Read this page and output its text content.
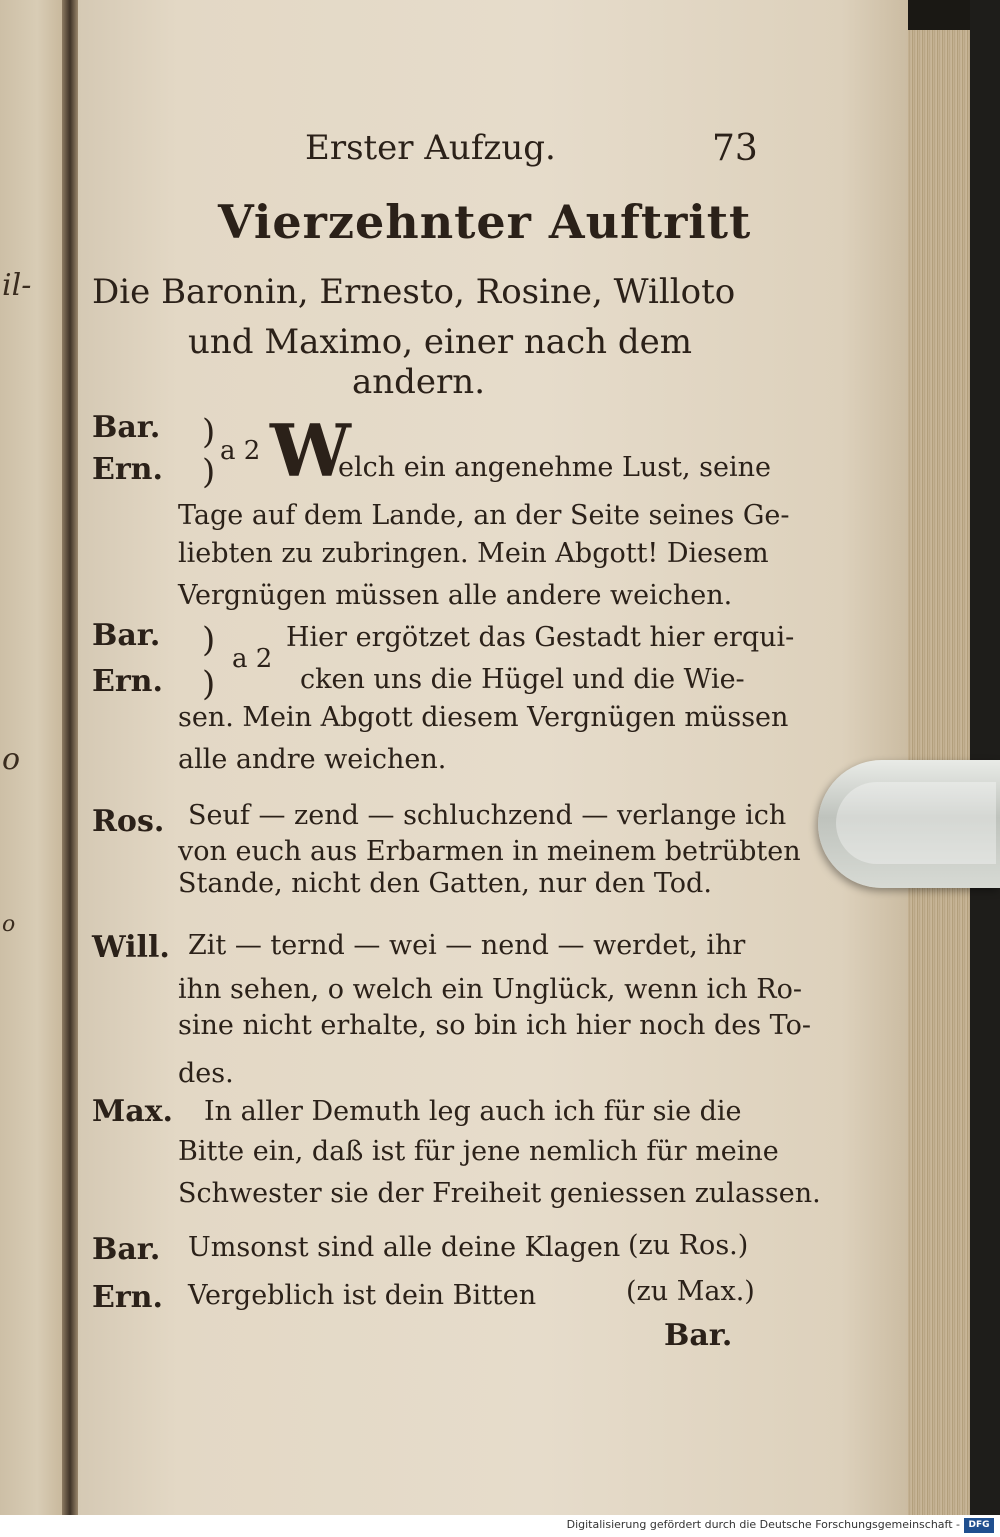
il-
o
o
Erster Aufzug.	73
Vierzehnter Auftritt
Die Baronin, Ernesto, Rosine, Willoto
und Maximo, einer nach dem
andern.
Bar.
Ern.
)
)
a 2 W
elch ein angenehme Lust, seine
Tage auf dem Lande, an der Seite seines Ge-
liebten zu zubringen. Mein Abgott! Diesem
Vergnügen müssen alle andere weichen.
Bar.
Ern.
)
)
a 2
Hier ergötzet das Gestadt hier erqui-
cken uns die Hügel und die Wie-
sen. Mein Abgott diesem Vergnügen müssen
alle andre weichen.
Ros. Seuf — zend — schluchzend — verlange ich
von euch aus Erbarmen in meinem betrübten
Stande, nicht den Gatten, nur den Tod.
Will. Zit — ternd — wei — nend — werdet, ihr
ihn sehen, o welch ein Unglück, wenn ich Ro-
sine nicht erhalte, so bin ich hier noch des To-
des.
Max. In aller Demuth leg auch ich für sie die
Bitte ein, daß ist für jene nemlich für meine
Schwester sie der Freiheit geniessen zulassen.
Bar. Umsonst sind alle deine Klagen (zu Ros.)
Ern. Vergeblich ist dein Bitten	(zu Max.)
Bar.
Digitalisierung gefördert durch die Deutsche Forschungsgemeinschaft - DFG
